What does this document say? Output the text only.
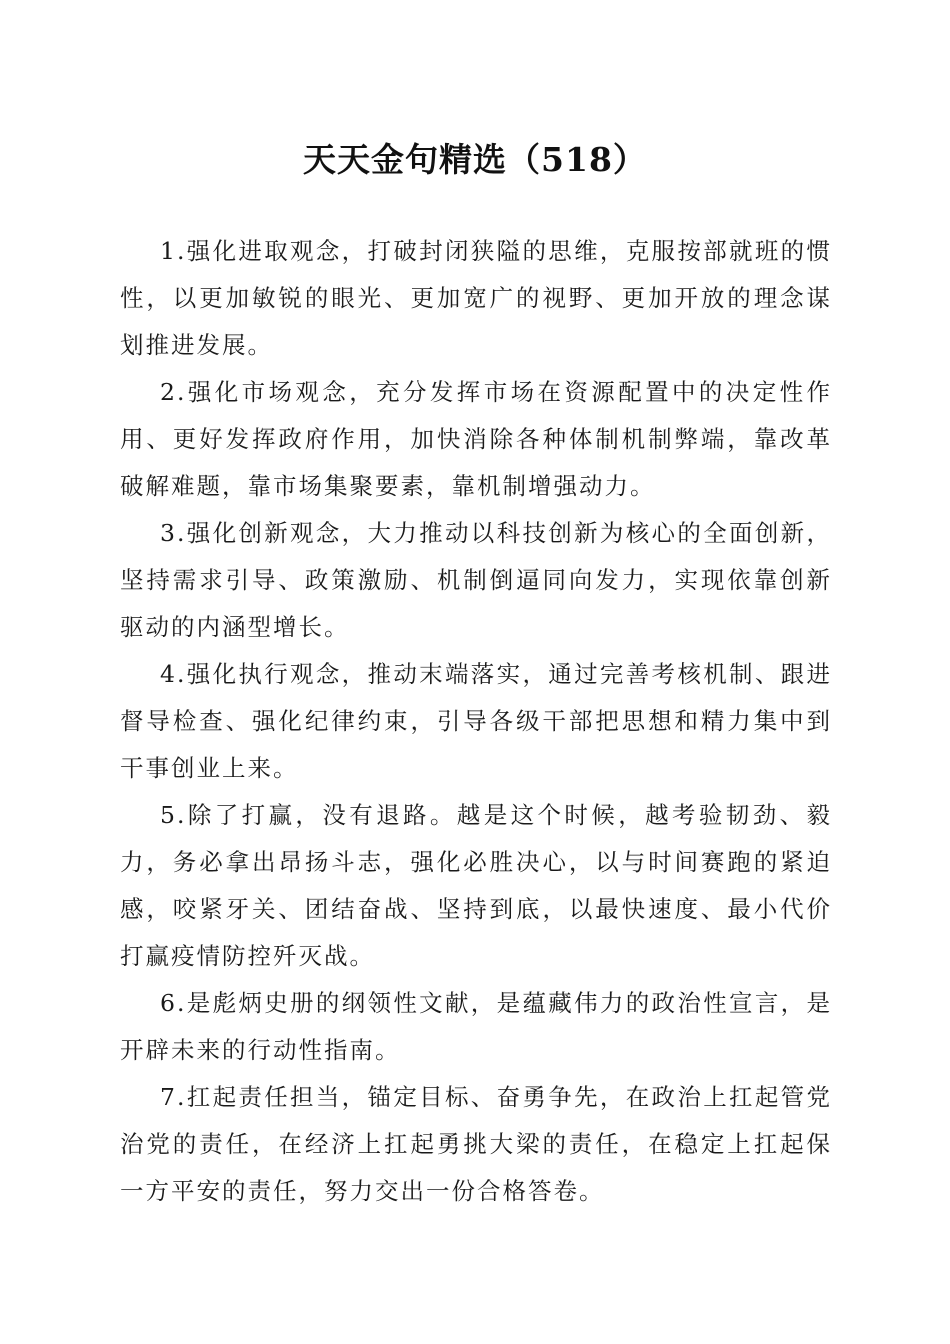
天天金句精选（518）

1.强化进取观念，打破封闭狭隘的思维，克服按部就班的惯性，以更加敏锐的眼光、更加宽广的视野、更加开放的理念谋划推进发展。

2.强化市场观念，充分发挥市场在资源配置中的决定性作用、更好发挥政府作用，加快消除各种体制机制弊端，靠改革破解难题，靠市场集聚要素，靠机制增强动力。

3.强化创新观念，大力推动以科技创新为核心的全面创新，坚持需求引导、政策激励、机制倒逼同向发力，实现依靠创新驱动的内涵型增长。

4.强化执行观念，推动末端落实，通过完善考核机制、跟进督导检查、强化纪律约束，引导各级干部把思想和精力集中到干事创业上来。

5.除了打赢，没有退路。越是这个时候，越考验韧劲、毅力，务必拿出昂扬斗志，强化必胜决心，以与时间赛跑的紧迫感，咬紧牙关、团结奋战、坚持到底，以最快速度、最小代价打赢疫情防控歼灭战。

6.是彪炳史册的纲领性文献，是蕴藏伟力的政治性宣言，是开辟未来的行动性指南。

7.扛起责任担当，锚定目标、奋勇争先，在政治上扛起管党治党的责任，在经济上扛起勇挑大梁的责任，在稳定上扛起保一方平安的责任，努力交出一份合格答卷。
